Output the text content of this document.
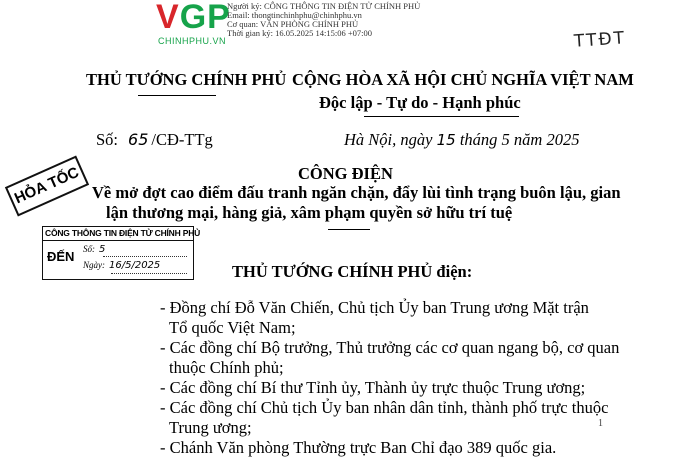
VGP
CHINHPHU.VN
Người ký: CÔNG THÔNG TIN ĐIỆN TỬ CHÍNH PHỦ
Email: thongtinchinhphu@chinhphu.vn
Cơ quan: VĂN PHÒNG CHÍNH PHỦ
Thời gian ký: 16.05.2025 14:15:06 +07:00	TTĐT
THỦ TƯỚNG CHÍNH PHỦ CỘNG HÒA XÃ HỘI CHỦ NGHĨA VIỆT NAM
Độc lập - Tự do - Hạnh phúc
Số: 65 /CĐ-TTg	Hà Nội, ngày 15 tháng 5 năm 2025
CÔNG ĐIỆN
Về mở đợt cao điểm đấu tranh ngăn chặn, đẩy lùi tình trạng buôn lậu, gian
lận thương mại, hàng giả, xâm phạm quyền sở hữu trí tuệ
HỎA TỐC
CÔNG THÔNG TIN ĐIỆN TỬ CHÍNH PHỦ
ĐẾN Số: 5
Ngày: 16/5/2025	THỦ TƯỚNG CHÍNH PHỦ điện:
- Đồng chí Đỗ Văn Chiến, Chủ tịch Ủy ban Trung ương Mặt trận
Tổ quốc Việt Nam;
- Các đồng chí Bộ trưởng, Thủ trưởng các cơ quan ngang bộ, cơ quan
thuộc Chính phủ;
- Các đồng chí Bí thư Tỉnh ủy, Thành ủy trực thuộc Trung ương;
- Các đồng chí Chủ tịch Ủy ban nhân dân tỉnh, thành phố trực thuộc
Trung ương;
- Chánh Văn phòng Thường trực Ban Chỉ đạo 389 quốc gia.
1
